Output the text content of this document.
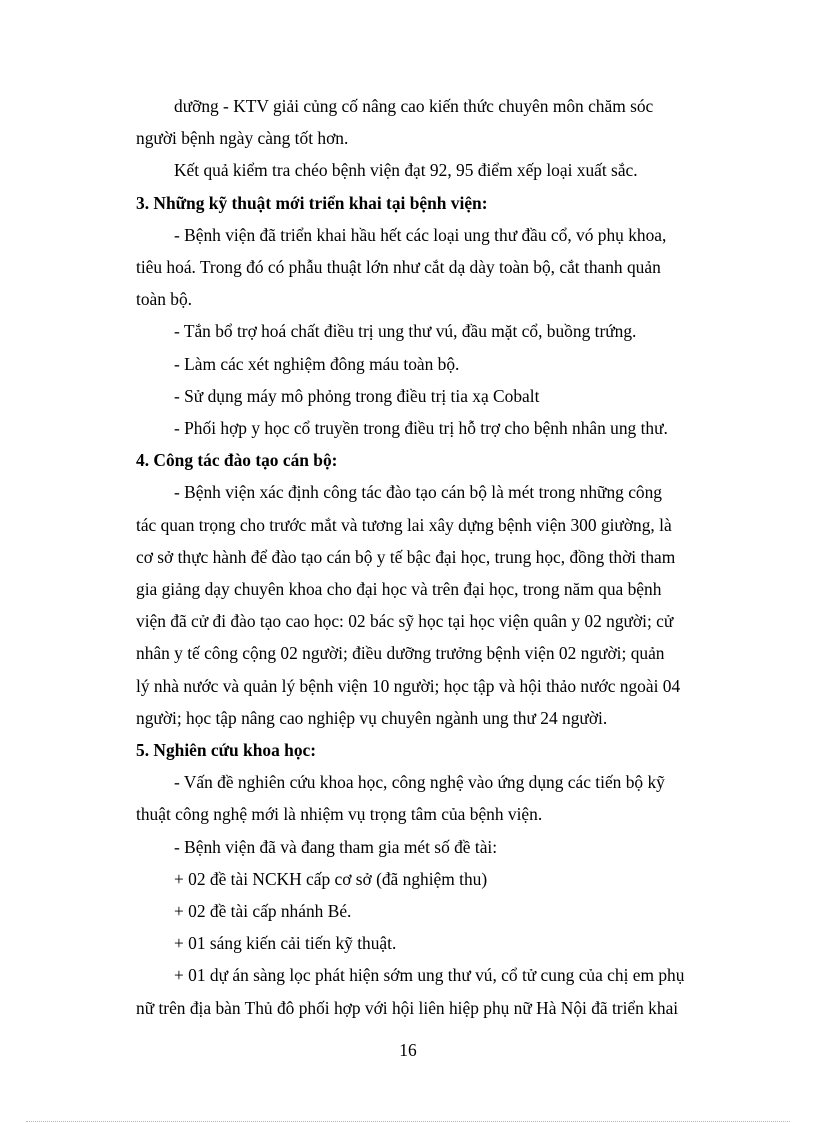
dưỡng - KTV giải củng cố nâng cao kiến thức chuyên môn chăm sóc
người bệnh ngày càng tốt hơn.

Kết quả kiểm tra chéo bệnh viện đạt 92, 95 điểm xếp loại xuất sắc.

3. Những kỹ thuật mới triển khai tại bệnh viện:

- Bệnh viện đã triển khai hầu hết các loại ung thư đầu cổ, vó phụ khoa,
tiêu hoá. Trong đó có phẫu thuật lớn như cắt dạ dày toàn bộ, cắt thanh quản
toàn bộ.

- Tắn bổ trợ hoá chất điều trị ung thư vú, đầu mặt cổ, buồng trứng.

- Làm các xét nghiệm đông máu toàn bộ.

- Sử dụng máy mô phỏng trong điều trị tia xạ Cobalt

- Phối hợp y học cổ truyền trong điều trị hỗ trợ cho bệnh nhân ung thư.

4. Công tác đào tạo cán bộ:

- Bệnh viện xác định công tác đào tạo cán bộ là mét trong những công
tác quan trọng cho trước mắt và tương lai xây dựng bệnh viện 300 giường, là
cơ sở thực hành để đào tạo cán bộ y tế bậc đại học, trung học, đồng thời tham
gia giảng dạy chuyên khoa cho đại học và trên đại học, trong năm qua bệnh
viện đã cử đi đào tạo cao học: 02 bác sỹ học tại học viện quân y 02 người; cử
nhân y tế công cộng 02 người; điều dưỡng trưởng bệnh viện 02 người; quản
lý nhà nước và quản lý bệnh viện 10 người; học tập và hội thảo nước ngoài 04
người; học tập nâng cao nghiệp vụ chuyên ngành ung thư 24 người.

5. Nghiên cứu khoa học:

- Vấn đề nghiên cứu khoa học, công nghệ vào ứng dụng các tiến bộ kỹ
thuật công nghệ mới là nhiệm vụ trọng tâm của bệnh viện.

- Bệnh viện đã và đang tham gia mét số đề tài:

+ 02 đề tài NCKH cấp cơ sở (đã nghiệm thu)

+ 02 đề tài cấp nhánh Bé.

+ 01 sáng kiến cải tiến kỹ thuật.

+ 01 dự án sàng lọc phát hiện sớm ung thư vú, cổ tử cung của chị em phụ
nữ trên địa bàn Thủ đô phối hợp với hội liên hiệp phụ nữ Hà Nội đã triển khai

16
